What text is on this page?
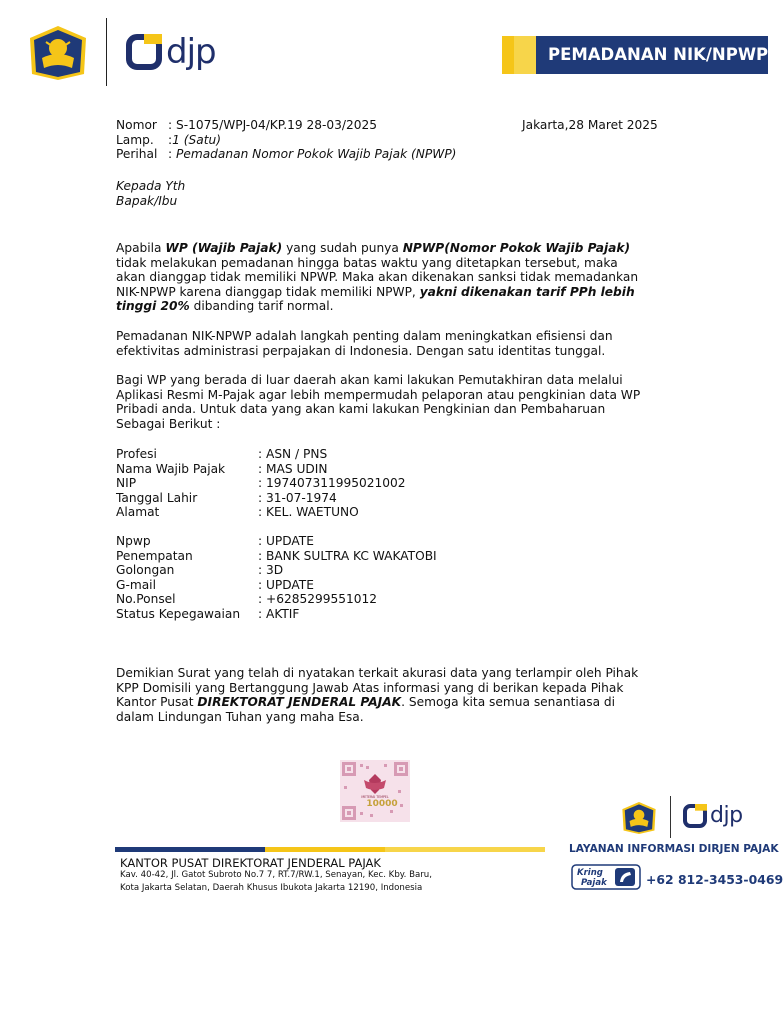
djp	PEMADANAN NIK/NPWP
Nomor : S-1075/WPJ-04/KP.19 28-03/2025
Lamp.	: 1 (Satu)
Perihal : Pemadanan Nomor Pokok Wajib Pajak (NPWP)
Jakarta,28 Maret 2025
Kepada Yth
Bapak/Ibu

Apabila WP (Wajib Pajak) yang sudah punya NPWP(Nomor Pokok Wajib Pajak) tidak melakukan pemadanan hingga batas waktu yang ditetapkan tersebut, maka akan dianggap tidak memiliki NPWP. Maka akan dikenakan sanksi tidak memadankan NIK-NPWP karena dianggap tidak memiliki NPWP, yakni dikenakan tarif PPh lebih tinggi 20% dibanding tarif normal.

Pemadanan NIK-NPWP adalah langkah penting dalam meningkatkan efisiensi dan efektivitas administrasi perpajakan di Indonesia. Dengan satu identitas tunggal.

Bagi WP yang berada di luar daerah akan kami lakukan Pemutakhiran data melalui Aplikasi Resmi M-Pajak agar lebih mempermudah pelaporan atau pengkinian data WP Pribadi anda. Untuk data yang akan kami lakukan Pengkinian dan Pembaharuan Sebagai Berikut :

Profesi	: ASN / PNS
Nama Wajib Pajak	: MAS UDIN
NIP	: 197407311995021002
Tanggal Lahir	: 31-07-1974
Alamat	: KEL. WAETUNO
Npwp	: UPDATE
Penempatan	: BANK SULTRA KC WAKATOBI
Golongan	: 3D
G-mail	: UPDATE
No.Ponsel	: +6285299551012
Status Kepegawaian	: AKTIF

Demikian Surat yang telah di nyatakan terkait akurasi data yang terlampir oleh Pihak KPP Domisili yang Bertanggung Jawab Atas informasi yang di berikan kepada Pihak Kantor Pusat DIREKTORAT JENDERAL PAJAK. Semoga kita semua senantiasa di dalam Lindungan Tuhan yang maha Esa.

METERAI TEMPEL
10000
KANTOR PUSAT DIREKTORAT JENDERAL PAJAK
Kav. 40-42, Jl. Gatot Subroto No.7 7, RT.7/RW.1, Senayan, Kec. Kby. Baru,
Kota Jakarta Selatan, Daerah Khusus Ibukota Jakarta 12190, Indonesia
djp
LAYANAN INFORMASI DIRJEN PAJAK
Kring
Pajak	+62 812-3453-0469
